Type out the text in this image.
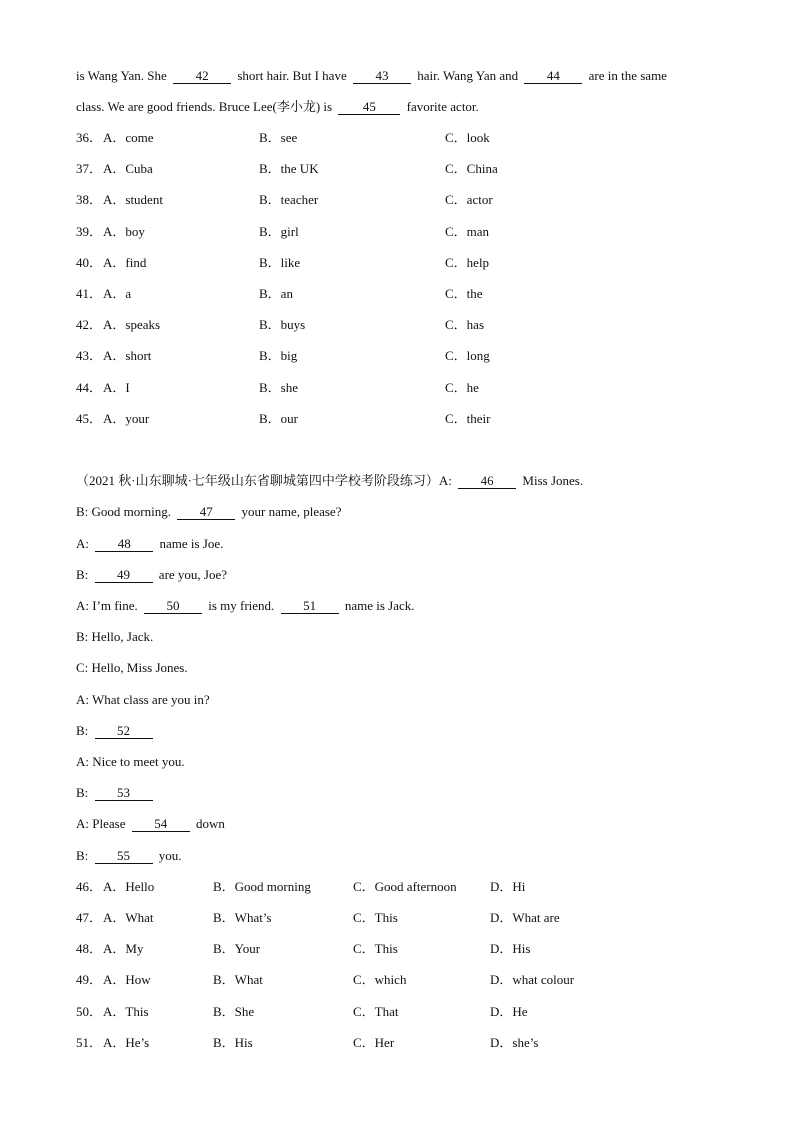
is Wang Yan. She 42 short hair. But I have 43 hair. Wang Yan and 44 are in the same
class. We are good friends. Bruce Lee(李小龙) is 45 favorite actor.
36． A．come	B．see	C．look
37． A．Cuba	B．the UK	C．China
38． A．student	B．teacher	C．actor
39． A．boy	B．girl	C．man
40． A．find	B．like	C．help
41． A．a	B．an	C．the
42． A．speaks	B．buys	C．has
43． A．short	B．big	C．long
44． A．I	B．she	C．he
45． A．your	B．our	C．their
（2021 秋·山东聊城·七年级山东省聊城第四中学校考阶段练习）A: 46 Miss Jones.
B: Good morning. 47 your name, please?
A: 48 name is Joe.
B: 49 are you, Joe?
A: I’m fine. 50 is my friend. 51 name is Jack.
B: Hello, Jack.
C: Hello, Miss Jones.
A: What class are you in?
B: 52
A: Nice to meet you.
B: 53
A: Please 54 down
B: 55 you.
46． A．Hello	B．Good morning	C．Good afternoon	D．Hi
47． A．What	B．What’s	C．This	D．What are
48． A．My	B．Your	C．This	D．His
49． A．How	B．What	C．which	D．what colour
50． A．This	B．She	C．That	D．He
51． A．He’s	B．His	C．Her	D．she’s
